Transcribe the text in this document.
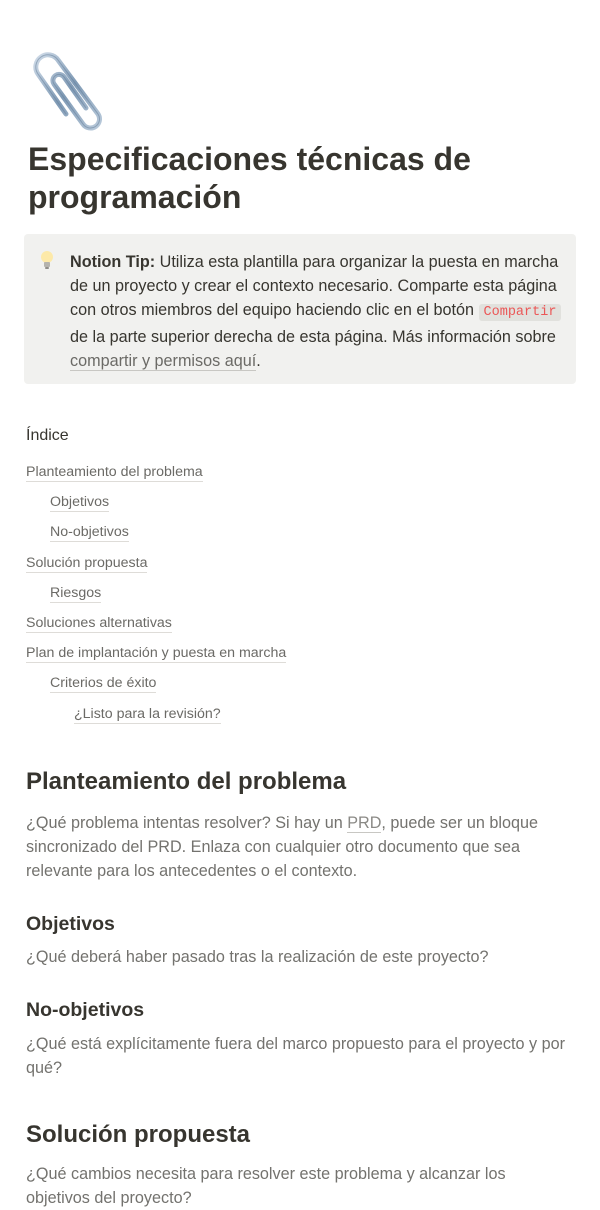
Especificaciones técnicas de programación
Notion Tip: Utiliza esta plantilla para organizar la puesta en marcha de un proyecto y crear el contexto necesario. Comparte esta página con otros miembros del equipo haciendo clic en el botón Compartir de la parte superior derecha de esta página. Más información sobre compartir y permisos aquí.
Índice
Planteamiento del problema
Objetivos
No-objetivos
Solución propuesta
Riesgos
Soluciones alternativas
Plan de implantación y puesta en marcha
Criterios de éxito
¿Listo para la revisión?
Planteamiento del problema

¿Qué problema intentas resolver? Si hay un PRD, puede ser un bloque sincronizado del PRD. Enlaza con cualquier otro documento que sea relevante para los antecedentes o el contexto.

Objetivos

¿Qué deberá haber pasado tras la realización de este proyecto?

No-objetivos

¿Qué está explícitamente fuera del marco propuesto para el proyecto y por qué?

Solución propuesta

¿Qué cambios necesita para resolver este problema y alcanzar los objetivos del proyecto?
